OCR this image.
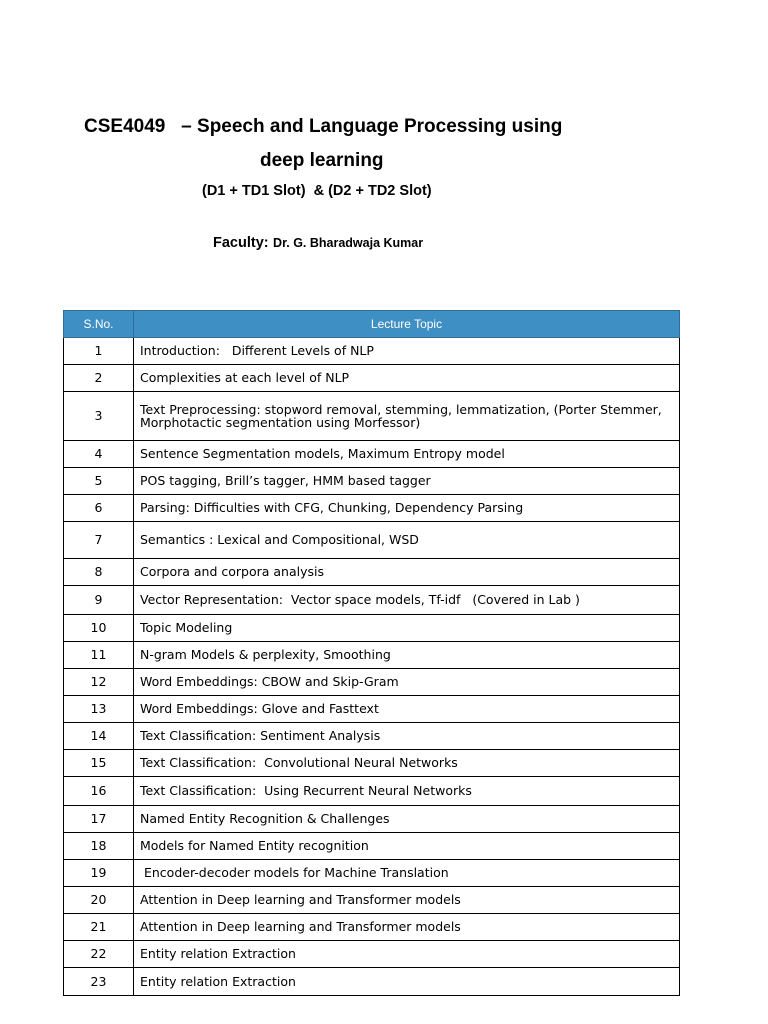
CSE4049   – Speech and Language Processing using
deep learning
(D1 + TD1 Slot)  & (D2 + TD2 Slot)
Faculty: Dr. G. Bharadwaja Kumar
S.No.	Lecture Topic
1	Introduction:   Different Levels of NLP
2	Complexities at each level of NLP
3	Text Preprocessing: stopword removal, stemming, lemmatization, (Porter Stemmer,
Morphotactic segmentation using Morfessor)
4	Sentence Segmentation models, Maximum Entropy model
5	POS tagging, Brill’s tagger, HMM based tagger
6	Parsing: Difficulties with CFG, Chunking, Dependency Parsing
7	Semantics : Lexical and Compositional, WSD
8	Corpora and corpora analysis
9	Vector Representation:  Vector space models, Tf-idf   (Covered in Lab )
10	Topic Modeling
11	N-gram Models & perplexity, Smoothing
12	Word Embeddings: CBOW and Skip-Gram
13	Word Embeddings: Glove and Fasttext
14	Text Classification: Sentiment Analysis
15	Text Classification:  Convolutional Neural Networks
16	Text Classification:  Using Recurrent Neural Networks
17	Named Entity Recognition & Challenges
18	Models for Named Entity recognition
19	Encoder-decoder models for Machine Translation
20	Attention in Deep learning and Transformer models
21	Attention in Deep learning and Transformer models
22	Entity relation Extraction
23	Entity relation Extraction
